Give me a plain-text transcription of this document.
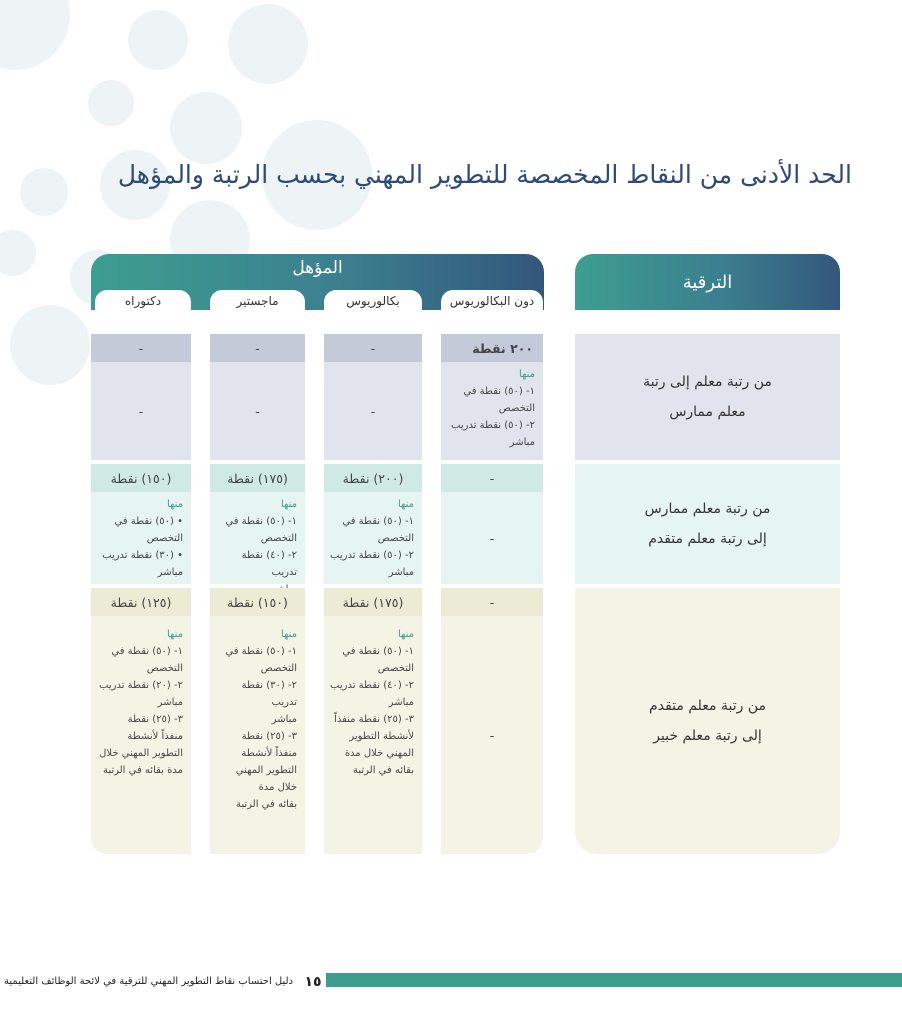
الحد الأدنى من النقاط المخصصة للتطوير المهني بحسب الرتبة والمؤهل
الترقية
المؤهل
دون البكالوريوس
بكالوريوس
ماجستير
دكتوراه
من رتبة معلم إلى رتبة
معلم ممارس
من رتبة معلم ممارس
إلى رتبة معلم متقدم
من رتبة معلم متقدم
إلى رتبة معلم خبير
٢٠٠ نقطة
-
-
-
منها
١- (٥٠) نقطة في
التخصص
٢- (٥٠) نقطة تدريب
مباشر
-
-
-
-
(٢٠٠) نقطة
(١٧٥) نقطة
(١٥٠) نقطة
-
منها
١- (٥٠) نقطة في
التخصص
٢- (٥٠) نقطة تدريب
مباشر
منها
١- (٥٠) نقطة في
التخصص
٢- (٤٠) نقطة تدريب
منها
• (٥٠) نقطة في
التخصص
• (٣٠) نقطة تدريب
مباشر
-
(١٧٥) نقطة
(١٥٠) نقطة
(١٢٥) نقطة
-
منها
١- (٥٠) نقطة في
التخصص
٢- (٤٠) نقطة تدريب
مباشر
٣- (٢٥) نقطة منفذاً
لأنشطة التطوير
المهني خلال مدة
بقائه في الرتبة
منها
١- (٥٠) نقطة في
التخصص
٢- (٣٠) نقطة تدريب
مباشر
٣- (٢٥) نقطة
منفذاً لأنشطة
التطوير المهني
خلال مدة
بقائه في الرتبة
منها
١- (٥٠) نقطة في
التخصص
٢- (٢٠) نقطة تدريب
مباشر
٣- (٢٥) نقطة
منفذاً لأنشطة
التطوير المهني خلال
مدة بقائه في الرتبة
١٥
دليل احتساب نقاط التطوير المهني للترقية في لائحة الوظائف التعليمية
